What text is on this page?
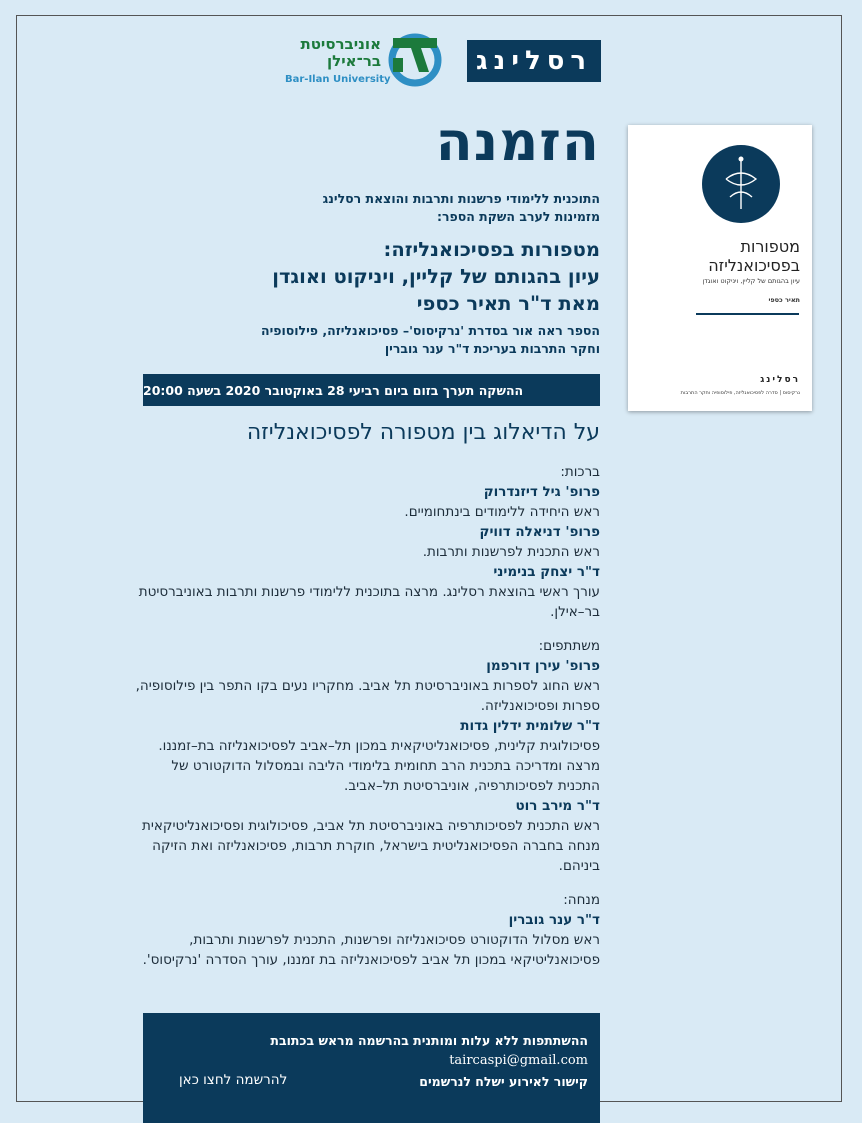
רסלינג
אוניברסיטת
בר־אילן
Bar-Ilan University
הזמנה
התוכנית ללימודי פרשנות ותרבות והוצאת רסלינג
מזמינות לערב השקת הספר:
מטפורות בפסיכואנליזה:
עיון בהגותם של קליין, ויניקוט ואוגדן
מאת ד"ר תאיר כספי
הספר ראה אור בסדרת 'נרקיסוס'– פסיכואנליזה, פילוסופיה
וחקר התרבות בעריכת ד"ר ענר גוברין
ההשקה תערך בזום ביום רביעי 28 באוקטובר 2020 בשעה 20:00
על הדיאלוג בין מטפורה לפסיכואנליזה
מטפורות
בפסיכואנליזה
עיון בהגותם של קליין, ויניקוט ואוגדן
תאיר כספי
רסלינג
נרקיסוס | סדרה לפסיכואנליזה, פילוסופיה וחקר התרבות
ברכות:
פרופ' גיל דיזנדרוק
ראש היחידה ללימודים בינתחומיים.
פרופ' דניאלה דוויק
ראש התכנית לפרשנות ותרבות.
ד"ר יצחק בנימיני
עורך ראשי בהוצאת רסלינג. מרצה בתוכנית ללימודי פרשנות ותרבות באוניברסיטת בר–אילן.
משתתפים:
פרופ' עירן דורפמן
ראש החוג לספרות באוניברסיטת תל אביב. מחקריו נעים בקו התפר בין פילוסופיה, ספרות ופסיכואנליזה.
ד"ר שלומית ידלין גדות
פסיכולוגית קלינית, פסיכואנליטיקאית במכון תל–אביב לפסיכואנליזה בת–זמננו. מרצה ומדריכה בתכנית הרב תחומית בלימודי הליבה ובמסלול הדוקטורט של התכנית לפסיכותרפיה, אוניברסיטת תל–אביב.
ד"ר מירב רוט
ראש התכנית לפסיכותרפיה באוניברסיטת תל אביב, פסיכולוגית ופסיכואנליטיקאית מנחה בחברה הפסיכואנליטית בישראל, חוקרת תרבות, פסיכואנליזה ואת הזיקה ביניהם.
מנחה:
ד"ר ענר גוברין
ראש מסלול הדוקטורט פסיכואנליזה ופרשנות, התכנית לפרשנות ותרבות, פסיכואנליטיקאי במכון תל אביב לפסיכואנליזה בת זמננו, עורך הסדרה 'נרקיסוס'.
ההשתתפות ללא עלות ומותנית בהרשמה מראש בכתובת
taircaspi@gmail.com
קישור לאירוע ישלח לנרשמים
להרשמה לחצו כאן
